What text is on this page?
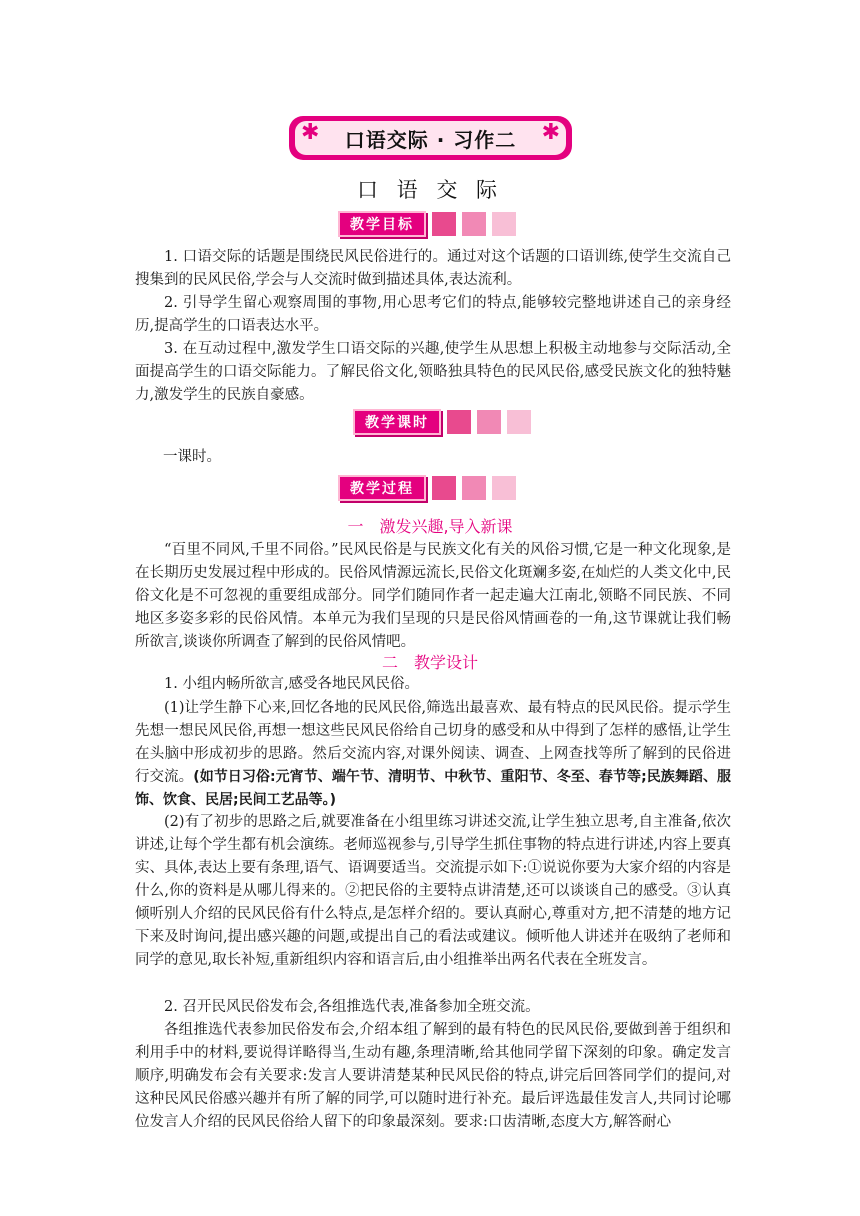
口语交际 · 习作二
✱	✱
口 语 交 际
教学目标

1. 口语交际的话题是围绕民风民俗进行的。通过对这个话题的口语训练,使学生交流自己搜集到的民风民俗,学会与人交流时做到描述具体,表达流利。

2. 引导学生留心观察周围的事物,用心思考它们的特点,能够较完整地讲述自己的亲身经历,提高学生的口语表达水平。

3. 在互动过程中,激发学生口语交际的兴趣,使学生从思想上积极主动地参与交际活动,全面提高学生的口语交际能力。了解民俗文化,领略独具特色的民风民俗,感受民族文化的独特魅力,激发学生的民族自豪感。

教学课时

一课时。

教学过程
一　激发兴趣,导入新课

“百里不同风,千里不同俗。”民风民俗是与民族文化有关的风俗习惯,它是一种文化现象,是在长期历史发展过程中形成的。民俗风情源远流长,民俗文化斑斓多姿,在灿烂的人类文化中,民俗文化是不可忽视的重要组成部分。同学们随同作者一起走遍大江南北,领略不同民族、不同地区多姿多彩的民俗风情。本单元为我们呈现的只是民俗风情画卷的一角,这节课就让我们畅所欲言,谈谈你所调查了解到的民俗风情吧。

二　教学设计

1. 小组内畅所欲言,感受各地民风民俗。

(1)让学生静下心来,回忆各地的民风民俗,筛选出最喜欢、最有特点的民风民俗。提示学生先想一想民风民俗,再想一想这些民风民俗给自己切身的感受和从中得到了怎样的感悟,让学生在头脑中形成初步的思路。然后交流内容,对课外阅读、调查、上网查找等所了解到的民俗进行交流。(如节日习俗:元宵节、端午节、清明节、中秋节、重阳节、冬至、春节等;民族舞蹈、服饰、饮食、民居;民间工艺品等。)

(2)有了初步的思路之后,就要准备在小组里练习讲述交流,让学生独立思考,自主准备,依次讲述,让每个学生都有机会演练。老师巡视参与,引导学生抓住事物的特点进行讲述,内容上要真实、具体,表达上要有条理,语气、语调要适当。交流提示如下:①说说你要为大家介绍的内容是什么,你的资料是从哪儿得来的。②把民俗的主要特点讲清楚,还可以谈谈自己的感受。③认真倾听别人介绍的民风民俗有什么特点,是怎样介绍的。要认真耐心,尊重对方,把不清楚的地方记下来及时询问,提出感兴趣的问题,或提出自己的看法或建议。倾听他人讲述并在吸纳了老师和同学的意见,取长补短,重新组织内容和语言后,由小组推举出两名代表在全班发言。

2. 召开民风民俗发布会,各组推选代表,准备参加全班交流。

各组推选代表参加民俗发布会,介绍本组了解到的最有特色的民风民俗,要做到善于组织和利用手中的材料,要说得详略得当,生动有趣,条理清晰,给其他同学留下深刻的印象。确定发言顺序,明确发布会有关要求:发言人要讲清楚某种民风民俗的特点,讲完后回答同学们的提问,对这种民风民俗感兴趣并有所了解的同学,可以随时进行补充。最后评选最佳发言人,共同讨论哪位发言人介绍的民风民俗给人留下的印象最深刻。要求:口齿清晰,态度大方,解答耐心
